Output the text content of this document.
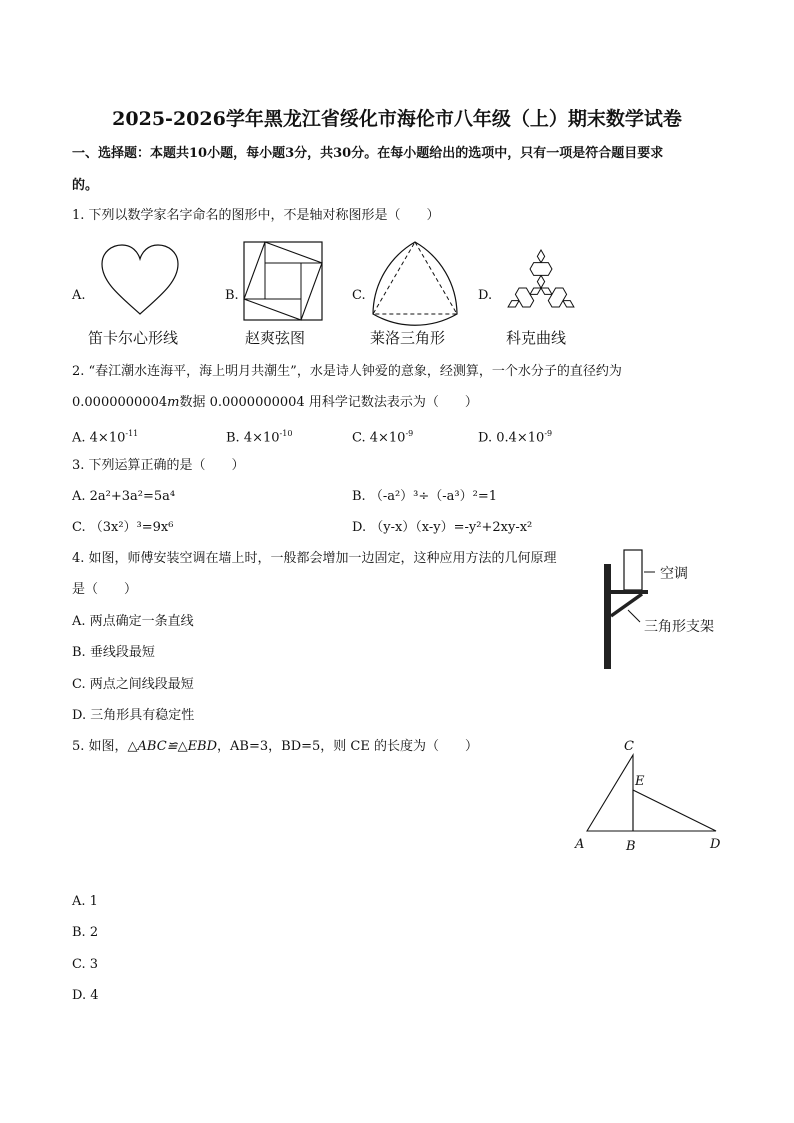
2025-2026学年黑龙江省绥化市海伦市八年级（上）期末数学试卷
一、选择题：本题共10小题，每小题3分，共30分。在每小题给出的选项中，只有一项是符合题目要求
的。
1. 下列以数学家名字命名的图形中，不是轴对称图形是（　　）
A.
笛卡尔心形线
B.
赵爽弦图
C.
莱洛三角形
D.
科克曲线
2. “春江潮水连海平，海上明月共潮生”，水是诗人钟爱的意象，经测算，一个水分子的直径约为
0.0000000004m数据 0.0000000004 用科学记数法表示为（　　）
A. $4\times 10^{-11}$	B. $4\times 10^{-10}$	C. $4\times 10^{-9}$	D. $0.4\times 10^{-9}$
3. 下列运算正确的是（　　）
A. 2a²+3a²=5a⁴	B. （-a²）³÷（-a³）²=1
C. （3x²）³=9x⁶	D. （y-x）（x-y）=-y²+2xy-x²
4. 如图，师傅安装空调在墙上时，一般都会增加一边固定，这种应用方法的几何原理
是（　　）
A. 两点确定一条直线
B. 垂线段最短
C. 两点之间线段最短
D. 三角形具有稳定性
空调
三角形支架
5. 如图，△ABC≌△EBD，AB=3，BD=5，则 CE 的长度为（　　）	C
E
A	B	D
A. 1
B. 2
C. 3
D. 4
